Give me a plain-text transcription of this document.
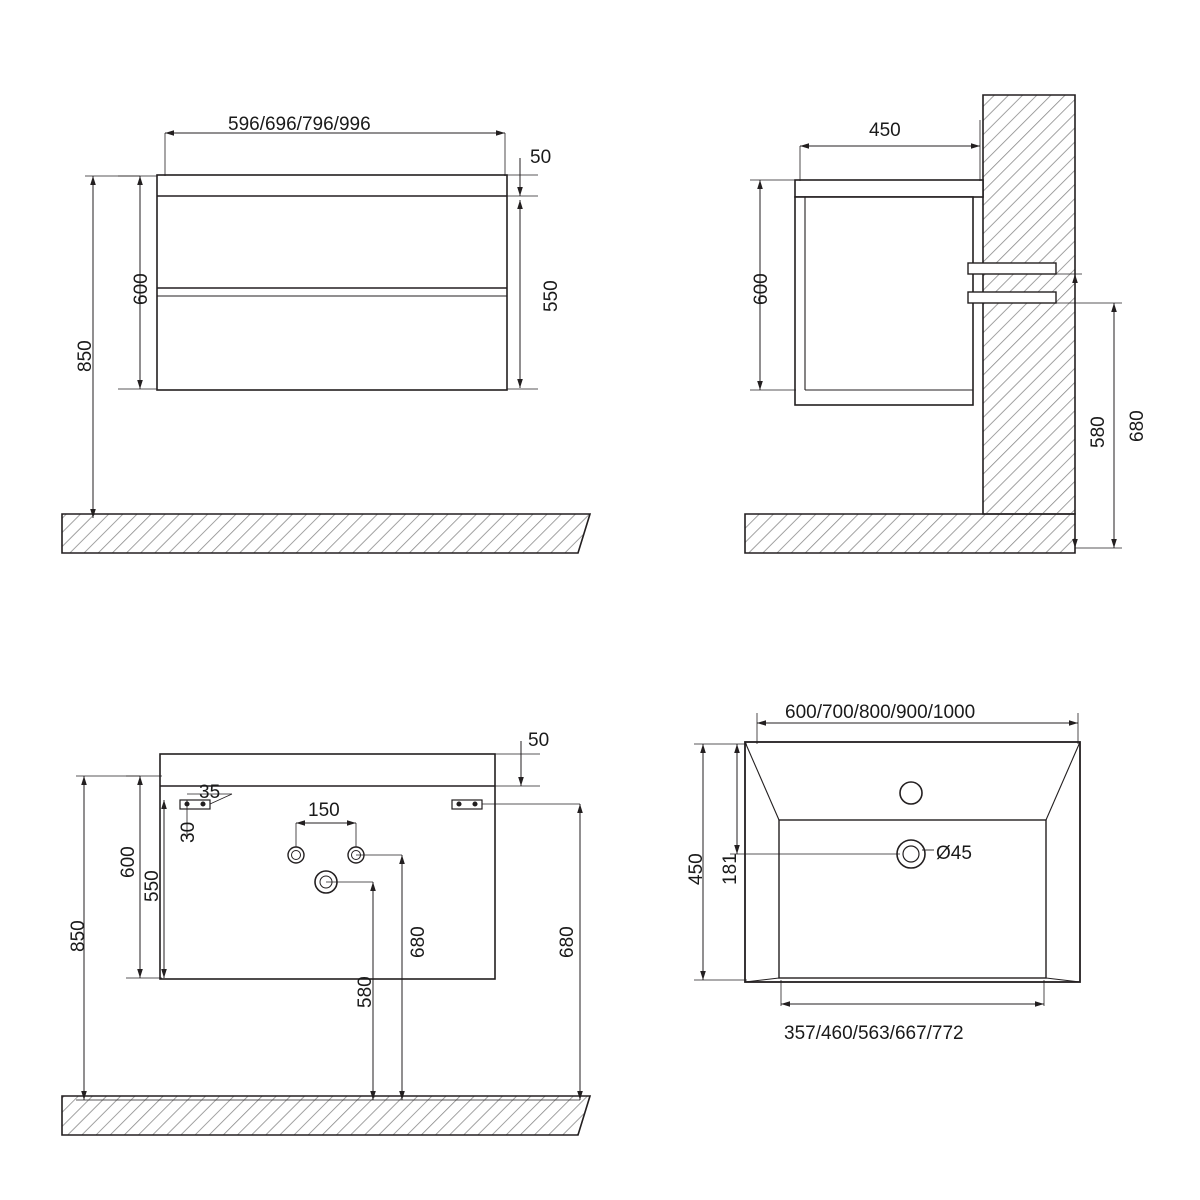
596/696/796/996
50
550
600
850
450
600
580 680
50
35
30
150
600
550
850	680
580
680
600/700/800/900/1000
450 181	Ø45
357/460/563/667/772
